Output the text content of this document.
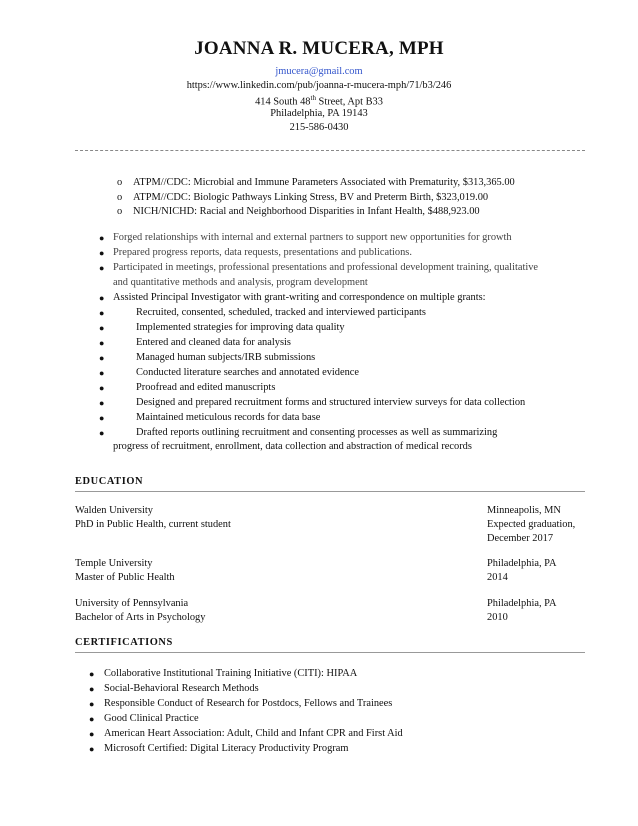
JOANNA R. MUCERA, MPH
jmucera@gmail.com
https://www.linkedin.com/pub/joanna-r-mucera-mph/71/b3/246
414 South 48th Street, Apt B33
Philadelphia, PA 19143
215-586-0430
o ATPM//CDC: Microbial and Immune Parameters Associated with Prematurity, $313,365.00
o ATPM//CDC: Biologic Pathways Linking Stress, BV and Preterm Birth, $323,019.00
o NICH/NICHD: Racial and Neighborhood Disparities in Infant Health, $488,923.00
● Forged relationships with internal and external partners to support new opportunities for growth
● Prepared progress reports, data requests, presentations and publications.
● Participated in meetings, professional presentations and professional development training, qualitative
and quantitative methods and analysis, program development
● Assisted Principal Investigator with grant-writing and correspondence on multiple grants:
●	Recruited, consented, scheduled, tracked and interviewed participants
●	Implemented strategies for improving data quality
●	Entered and cleaned data for analysis
●	Managed human subjects/IRB submissions
●	Conducted literature searches and annotated evidence
●	Proofread and edited manuscripts
●	Designed and prepared recruitment forms and structured interview surveys for data collection
●	Maintained meticulous records for data base
●	Drafted reports outlining recruitment and consenting processes as well as summarizing
progress of recruitment, enrollment, data collection and abstraction of medical records
EDUCATION
Walden University
PhD in Public Health, current student
Minneapolis, MN
Expected graduation,
December 2017
Temple University
Master of Public Health
Philadelphia, PA
2014
University of Pennsylvania
Bachelor of Arts in Psychology
Philadelphia, PA
2010
CERTIFICATIONS
● Collaborative Institutional Training Initiative (CITI): HIPAA
● Social-Behavioral Research Methods
● Responsible Conduct of Research for Postdocs, Fellows and Trainees
● Good Clinical Practice
● American Heart Association: Adult, Child and Infant CPR and First Aid
● Microsoft Certified: Digital Literacy Productivity Program
